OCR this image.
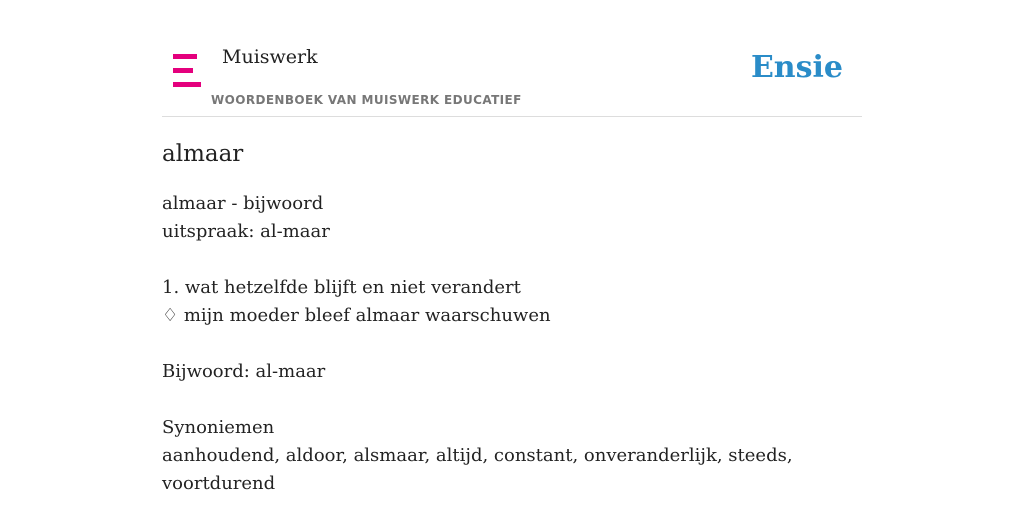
Muiswerk
WOORDENBOEK VAN MUISWERK EDUCATIEF
Ensie
almaar
almaar - bijwoord
uitspraak: al-maar
1. wat hetzelfde blijft en niet verandert
♢ mijn moeder bleef almaar waarschuwen
Bijwoord: al-maar
Synoniemen
aanhoudend, aldoor, alsmaar, altijd, constant, onveranderlijk, steeds, voortdurend
